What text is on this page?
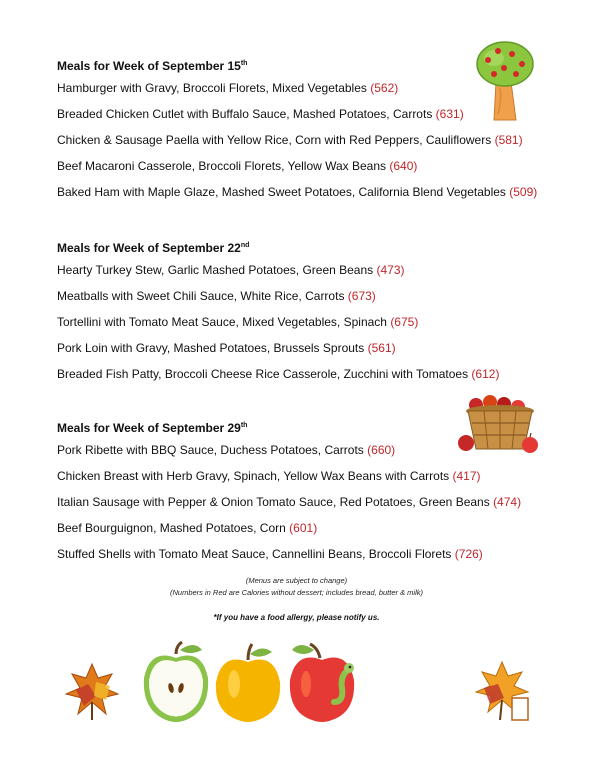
Meals for Week of September 15th
Hamburger with Gravy, Broccoli Florets, Mixed Vegetables (562)
Breaded Chicken Cutlet with Buffalo Sauce, Mashed Potatoes, Carrots (631)
Chicken & Sausage Paella with Yellow Rice, Corn with Red Peppers, Cauliflowers (581)
Beef Macaroni Casserole, Broccoli Florets, Yellow Wax Beans (640)
Baked Ham with Maple Glaze, Mashed Sweet Potatoes, California Blend Vegetables (509)
Meals for Week of September 22nd
Hearty Turkey Stew, Garlic Mashed Potatoes, Green Beans (473)
Meatballs with Sweet Chili Sauce, White Rice, Carrots (673)
Tortellini with Tomato Meat Sauce, Mixed Vegetables, Spinach (675)
Pork Loin with Gravy, Mashed Potatoes, Brussels Sprouts (561)
Breaded Fish Patty, Broccoli Cheese Rice Casserole, Zucchini with Tomatoes (612)
Meals for Week of September 29th
Pork Ribette with BBQ Sauce, Duchess Potatoes, Carrots (660)
Chicken Breast with Herb Gravy, Spinach, Yellow Wax Beans with Carrots (417)
Italian Sausage with Pepper & Onion Tomato Sauce, Red Potatoes, Green Beans (474)
Beef Bourguignon, Mashed Potatoes, Corn (601)
Stuffed Shells with Tomato Meat Sauce, Cannellini Beans, Broccoli Florets (726)
(Menus are subject to change)
(Numbers in Red are Calories without dessert; includes bread, butter & milk)
*If you have a food allergy, please notify us.
